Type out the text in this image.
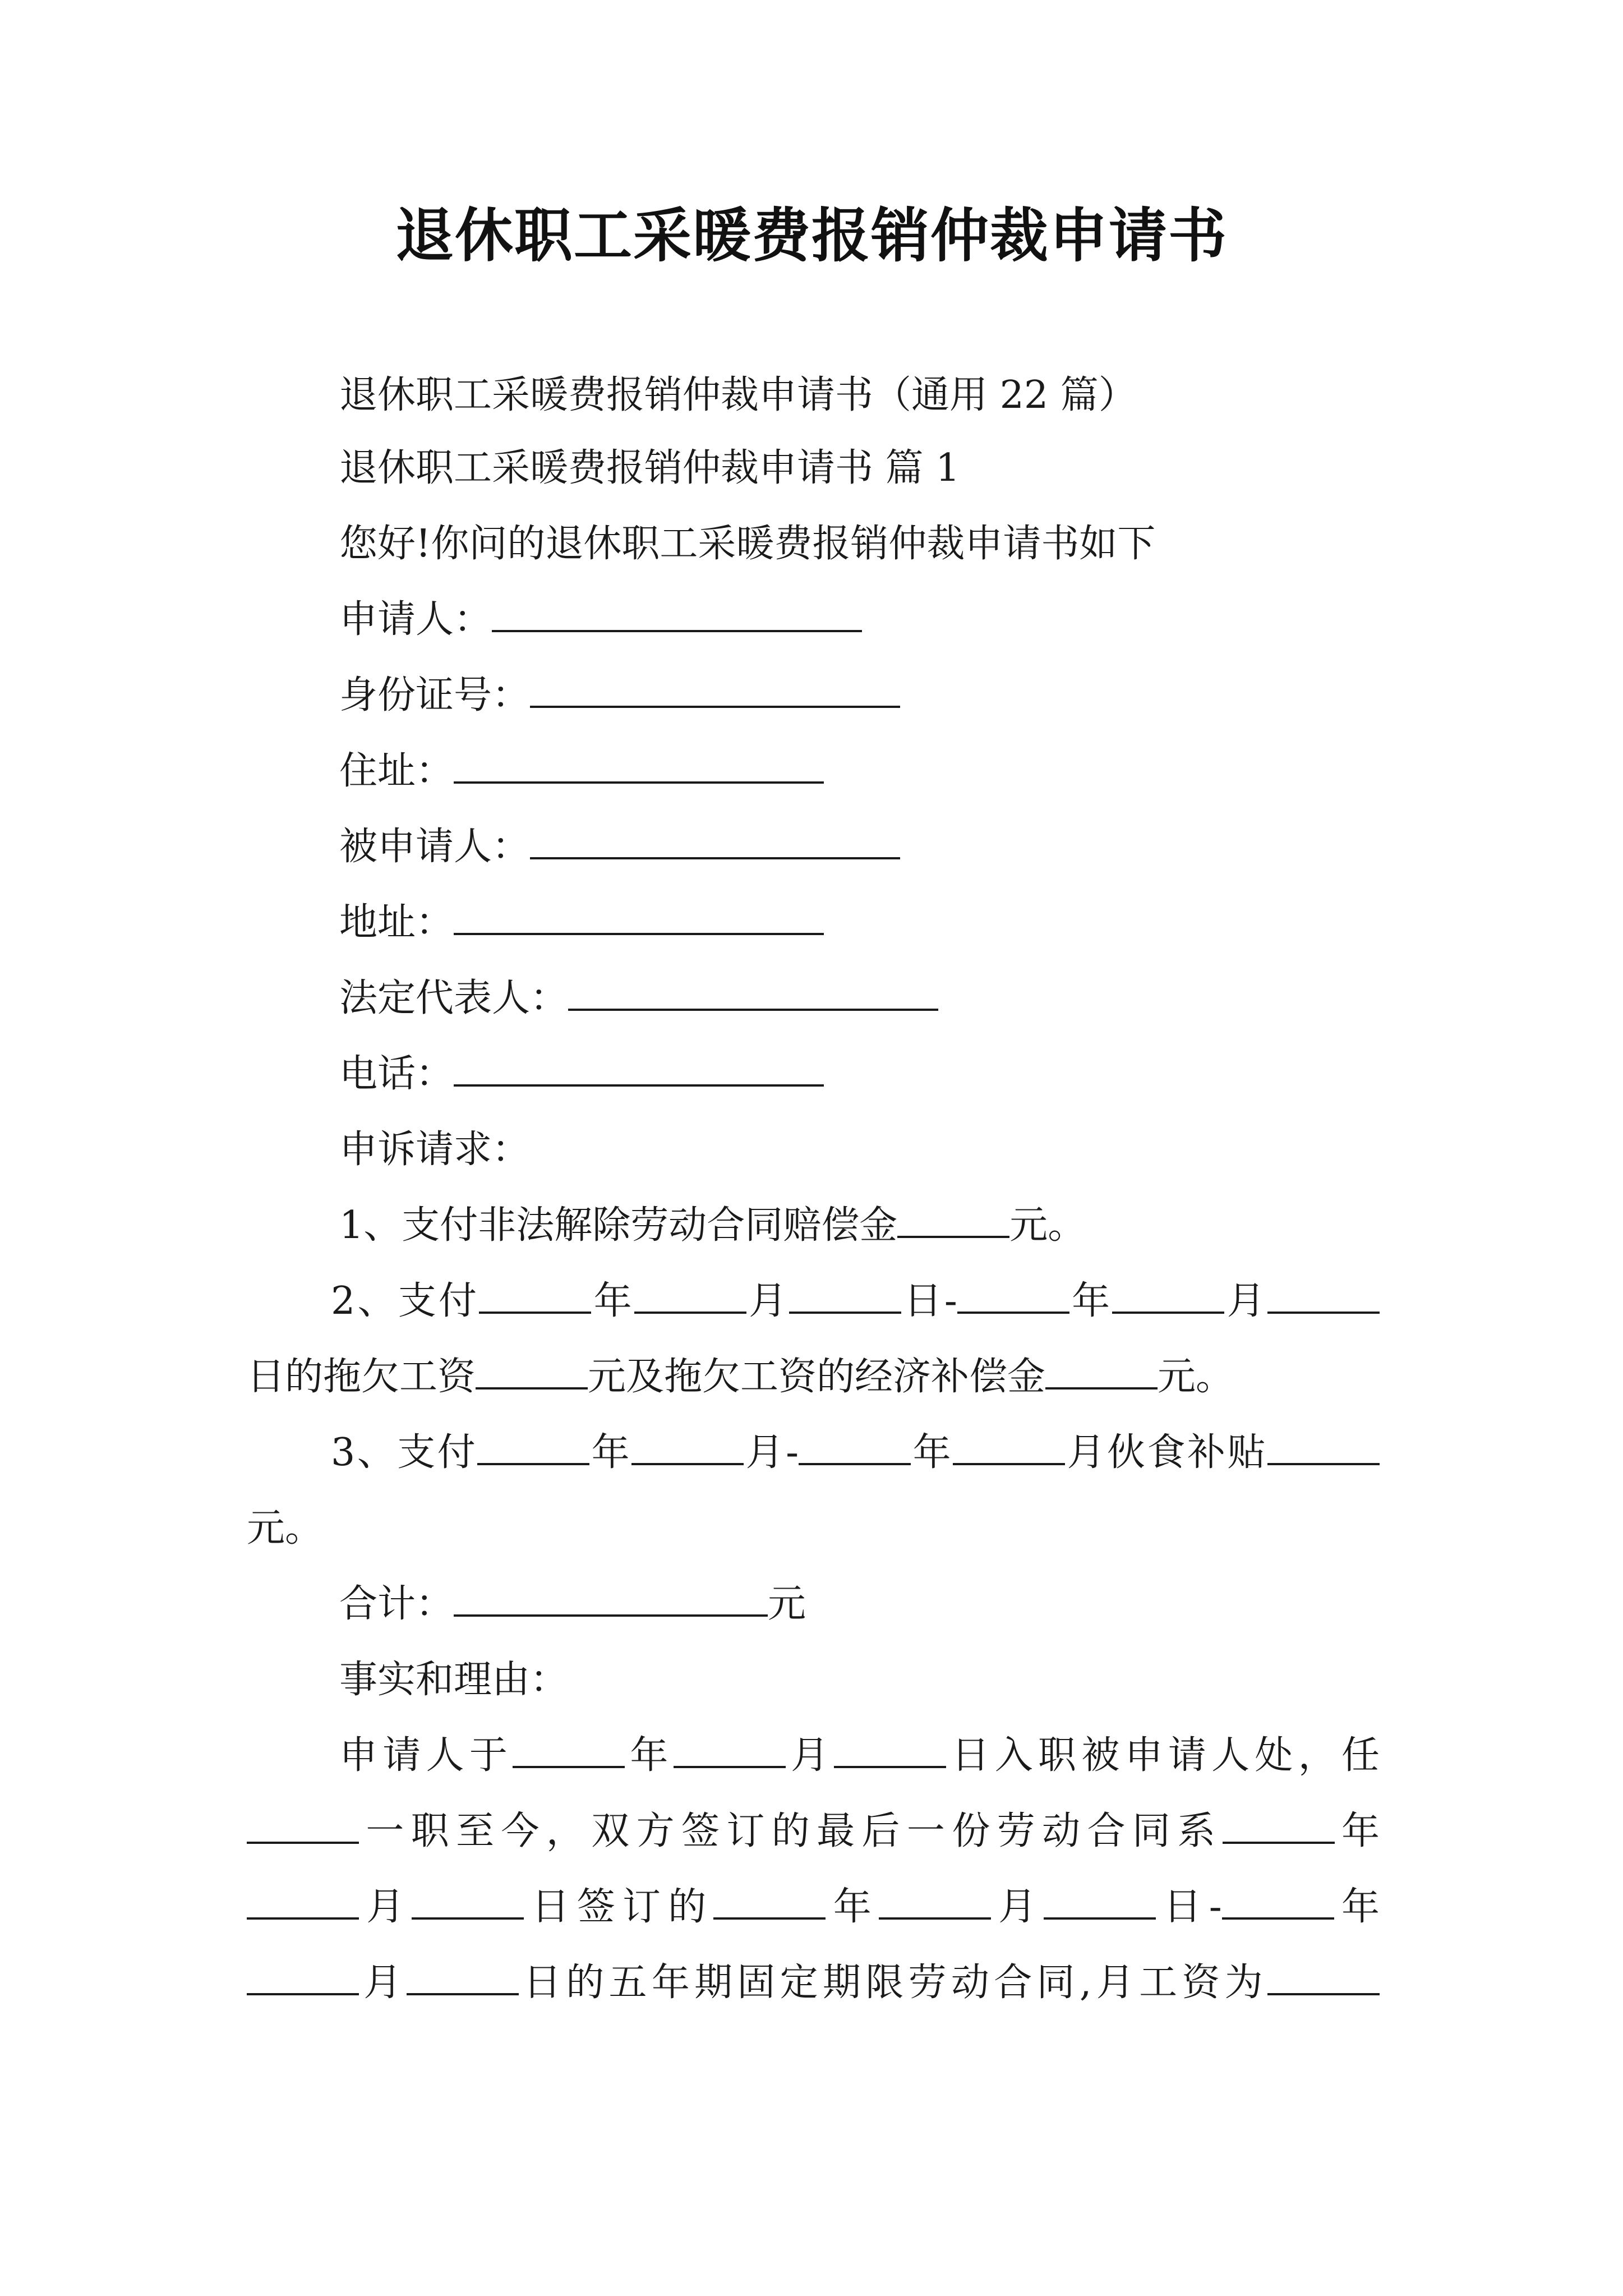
退休职工采暖费报销仲裁申请书
退休职工采暖费报销仲裁申请书（通用 22 篇）
退休职工采暖费报销仲裁申请书 篇 1
您好!你问的退休职工采暖费报销仲裁申请书如下
申请人：
身份证号：
住址：
被申请人：
地址：
法定代表人：
电话：
申诉请求：
1、支付非法解除劳动合同赔偿金	元。
2、支付	年	月	日-	年	月
日的拖欠工资	元及拖欠工资的经济补偿金	元。
3、支付	年	月-	年	月伙食补贴
元。
合计：	元
事实和理由：
申请人于	年	月	日入职被申请人处，任
一职至今，双方签订的最后一份劳动合同系	年
月	日签订的	年	月	日-	年
月	日的五年期固定期限劳动合同,月工资为
